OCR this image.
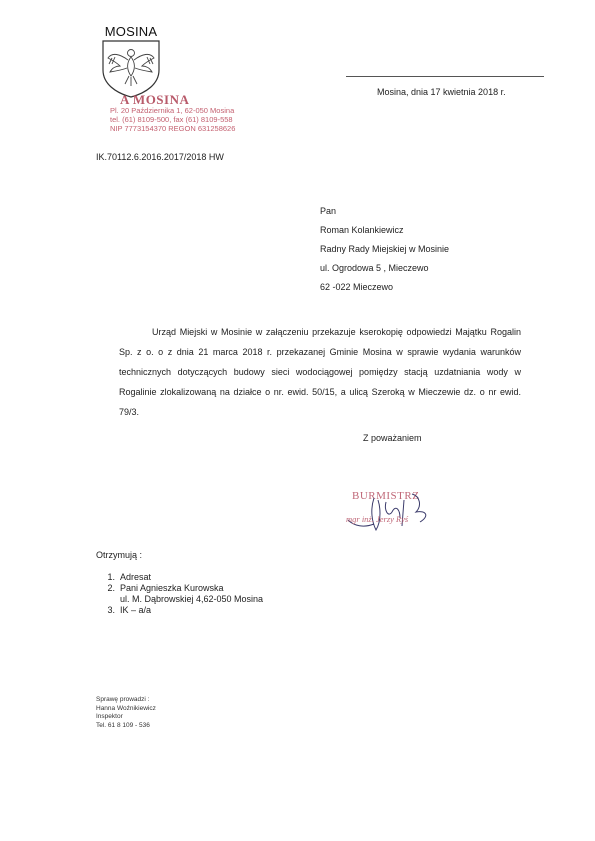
MOSINA
A MOSINA
Pl. 20 Października 1, 62-050 Mosina
tel. (61) 8109-500, fax (61) 8109-558
NIP 7773154370 REGON 631258626
Mosina, dnia 17 kwietnia 2018 r.
IK.70112.6.2016.2017/2018 HW
Pan
Roman Kolankiewicz
Radny Rady Miejskiej w Mosinie
ul. Ogrodowa 5 , Mieczewo
62 -022 Mieczewo

Urząd Miejski w Mosinie w załączeniu przekazuje kserokopię odpowiedzi Majątku Rogalin Sp. z o. o z dnia 21 marca 2018 r. przekazanej Gminie Mosina w sprawie wydania warunków technicznych dotyczących budowy sieci wodociągowej pomiędzy stacją uzdatniania wody w Rogalinie zlokalizowaną na działce o nr. ewid. 50/15, a ulicą Szeroką w Mieczewie dz. o nr ewid. 79/3.

Z poważaniem
BURMISTRZ
mgr inż. Jerzy Ryś
Otrzymują :
1. Adresat
2. Pani Agnieszka Kurowska
ul. M. Dąbrowskiej 4,62-050 Mosina
3. IK – a/a
Sprawę prowadzi :
Hanna Woźnikiewicz
Inspektor
Tel. 61 8 109 - 536
